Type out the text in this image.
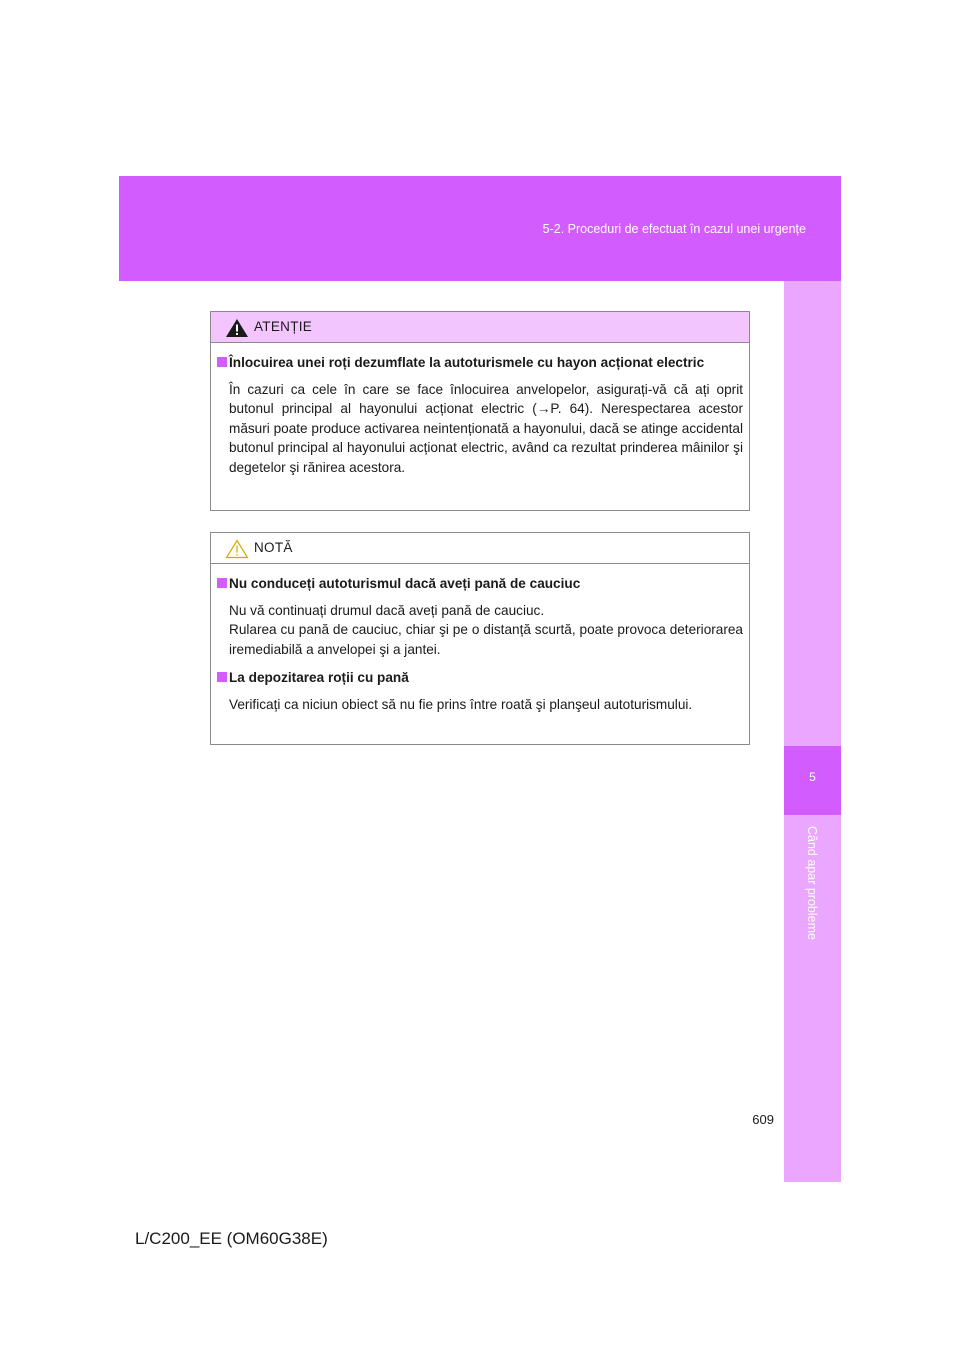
5-2. Proceduri de efectuat în cazul unei urgențe
5
Când apar probleme
ATENȚIE
Înlocuirea unei roți dezumflate la autoturismele cu hayon acționat electric

În cazuri ca cele în care se face înlocuirea anvelopelor, asigurați-vă că ați oprit butonul principal al hayonului acționat electric (→P. 64). Nerespectarea acestor măsuri poate produce activarea neintenționată a hayonului, dacă se atinge accidental butonul principal al hayonului acționat electric, având ca rezultat prinderea mâinilor şi degetelor şi rănirea acestora.

NOTĂ
Nu conduceți autoturismul dacă aveți pană de cauciuc

Nu vă continuați drumul dacă aveți pană de cauciuc.

Rularea cu pană de cauciuc, chiar şi pe o distanță scurtă, poate provoca deteriorarea iremediabilă a anvelopei şi a jantei.

La depozitarea roții cu pană

Verificați ca niciun obiect să nu fie prins între roată şi planşeul autoturismului.

609
L/C200_EE (OM60G38E)
